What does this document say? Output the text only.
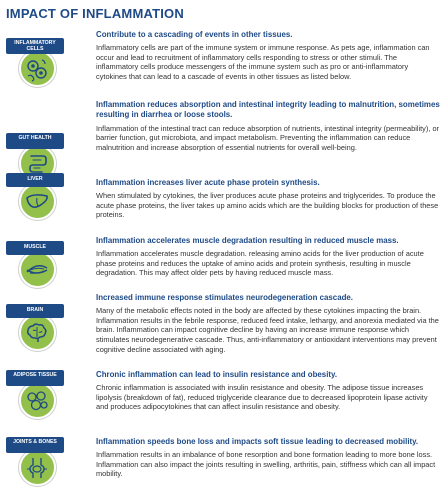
IMPACT OF INFLAMMATION
INFLAMMATORY CELLS
Contribute to a cascading of events in other tissues.
Inflammatory cells are part of the immune system or immune response. As pets age, inflammation can occur and lead to recruitment of inflammatory cells responding to stress or other stimuli. The inflammatory cells produce messengers of the immune system such as pro or anti-inflammatory cytokines that can lead to a cascade of events in other tissues as listed below.
GUT HEALTH
Inflammation reduces absorption and intestinal integrity leading to malnutrition, sometimes resulting in diarrhea or loose stools.
Inflammation of the intestinal tract can reduce absorption of nutrients, intestinal integrity (permeability), or barrier function, gut microbiota, and impact metabolism. Preventing the inflammation can reduce malnutrition and increase absorption of essential nutrients for overall well-being.
LIVER	Inflammation increases liver acute phase protein synthesis.
When stimulated by cytokines, the liver produces acute phase proteins and triglycerides. To produce the acute phase proteins, the liver takes up amino acids which are the building blocks for production of these proteins.
MUSCLE
Inflammation accelerates muscle degradation resulting in reduced muscle mass.
Inflammation accelerates muscle degradation. releasing amino acids for the liver production of acute phase proteins and reduces the uptake of amino acids and protein synthesis, resulting in muscle degradation. This may affect older pets by having reduced muscle mass.
BRAIN
Increased immune response stimulates neurodegeneration cascade.
Many of the metabolic effects noted in the body are affected by these cytokines impacting the brain. Inflammation results in the febrile response, reduced feed intake, lethargy, and anorexia mediated via the brain. Inflammation can impact cognitive decline by having an increase immune response which stimulates neurodegenerative cascade. Thus, anti-inflammatory or antioxidant interventions may prevent cognitive decline associated with aging.
ADIPOSE TISSUE	Chronic inflammation can lead to insulin resistance and obesity.
Chronic inflammation is associated with insulin resistance and obesity. The adipose tissue increases lipolysis (breakdown of fat), reduced triglyceride clearance due to decreased lipoprotein lipase activity and produces adipocytokines that can affect insulin resistance and obesity.
JOINTS & BONES	Inflammation speeds bone loss and impacts soft tissue leading to decreased mobility.
Inflammation results in an imbalance of bone resorption and bone formation leading to more bone loss. Inflammation can also impact the joints resulting in swelling, arthritis, pain, stiffness which can all impact mobility.
